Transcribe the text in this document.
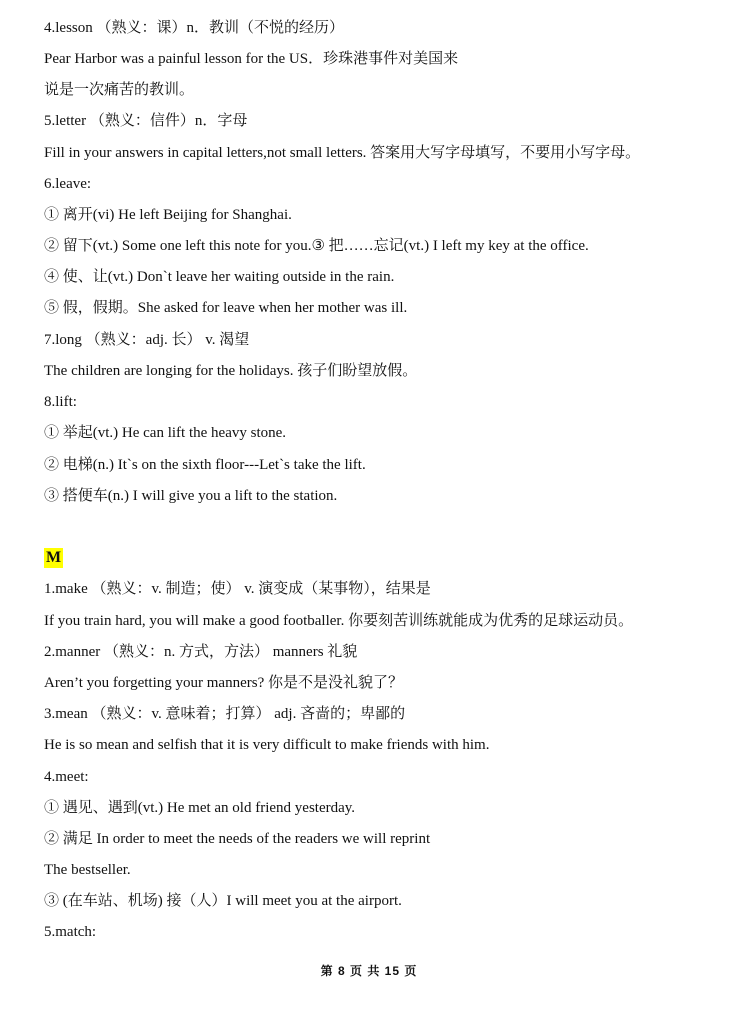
4.lesson （熟义：课）n．教训（不悦的经历）
Pear Harbor was a painful lesson for the US．珍珠港事件对美国来
说是一次痛苦的教训。
5.letter （熟义：信件）n．字母
Fill in your answers in capital letters,not small letters. 答案用大写字母填写，不要用小写字母。
6.leave:
① 离开(vi) He left Beijing for Shanghai.
② 留下(vt.) Some one left this note for you.③ 把……忘记(vt.) I left my key at the office.
④ 使、让(vt.) Don`t leave her waiting outside in the rain.
⑤ 假，假期。She asked for leave when her mother was ill.
7.long （熟义：adj. 长） v. 渴望
The children are longing for the holidays. 孩子们盼望放假。
8.lift:
① 举起(vt.) He can lift the heavy stone.
② 电梯(n.) It`s on the sixth floor---Let`s take the lift.
③ 搭便车(n.) I will give you a lift to the station.
M
1.make （熟义：v. 制造；使） v. 演变成（某事物），结果是
If you train hard, you will make a good footballer. 你要刻苦训练就能成为优秀的足球运动员。
2.manner （熟义：n. 方式，方法） manners 礼貌
Aren’t you forgetting your manners? 你是不是没礼貌了？
3.mean （熟义：v. 意味着；打算） adj. 吝啬的；卑鄙的
He is so mean and selfish that it is very difficult to make friends with him.
4.meet:
① 遇见、遇到(vt.) He met an old friend yesterday.
② 满足 In order to meet the needs of the readers we will reprint
The bestseller.
③ (在车站、机场) 接（人）I will meet you at the airport.
5.match:
第 8 页 共 15 页
